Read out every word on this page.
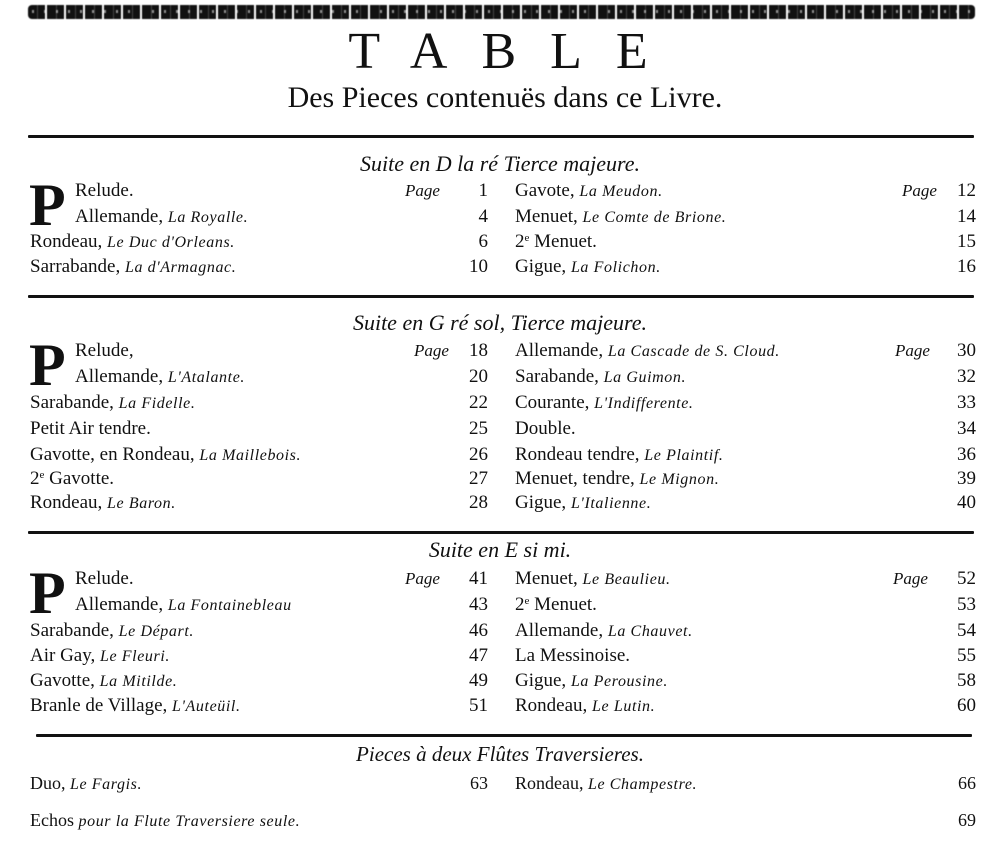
TABLE
Des Pieces contenuës dans ce Livre.
Suite en D la ré Tierce majeure.
P Relude.	Page	1 Gavote, La Meudon.	Page	12
Allemande, La Royalle.	4 Menuet, Le Comte de Brione.	14
Rondeau, Le Duc d'Orleans.	6 2e Menuet.	15
Sarrabande, La d'Armagnac.	10 Gigue, La Folichon.	16
Suite en G ré sol, Tierce majeure.
P Relude,	Page	18 Allemande, La Cascade de S. Cloud.	Page	30
Allemande, L'Atalante.	20 Sarabande, La Guimon.	32
Sarabande, La Fidelle.	22 Courante, L'Indifferente.	33
Petit Air tendre.	25 Double.	34
Gavotte, en Rondeau, La Maillebois.	26 Rondeau tendre, Le Plaintif.	36
2e Gavotte.	27 Menuet, tendre, Le Mignon.	39
Rondeau, Le Baron.	28 Gigue, L'Italienne.	40
Suite en E si mi.
P Relude.	Page	41 Menuet, Le Beaulieu.	Page	52
Allemande, La Fontainebleau	43 2e Menuet.	53
Sarabande, Le Départ.	46 Allemande, La Chauvet.	54
Air Gay, Le Fleuri.	47 La Messinoise.	55
Gavotte, La Mitilde.	49 Gigue, La Perousine.	58
Branle de Village, L'Auteüil.	51 Rondeau, Le Lutin.	60
Pieces à deux Flûtes Traversieres.
Duo, Le Fargis.	63 Rondeau, Le Champestre.	66
Echos pour la Flute Traversiere seule.	69
